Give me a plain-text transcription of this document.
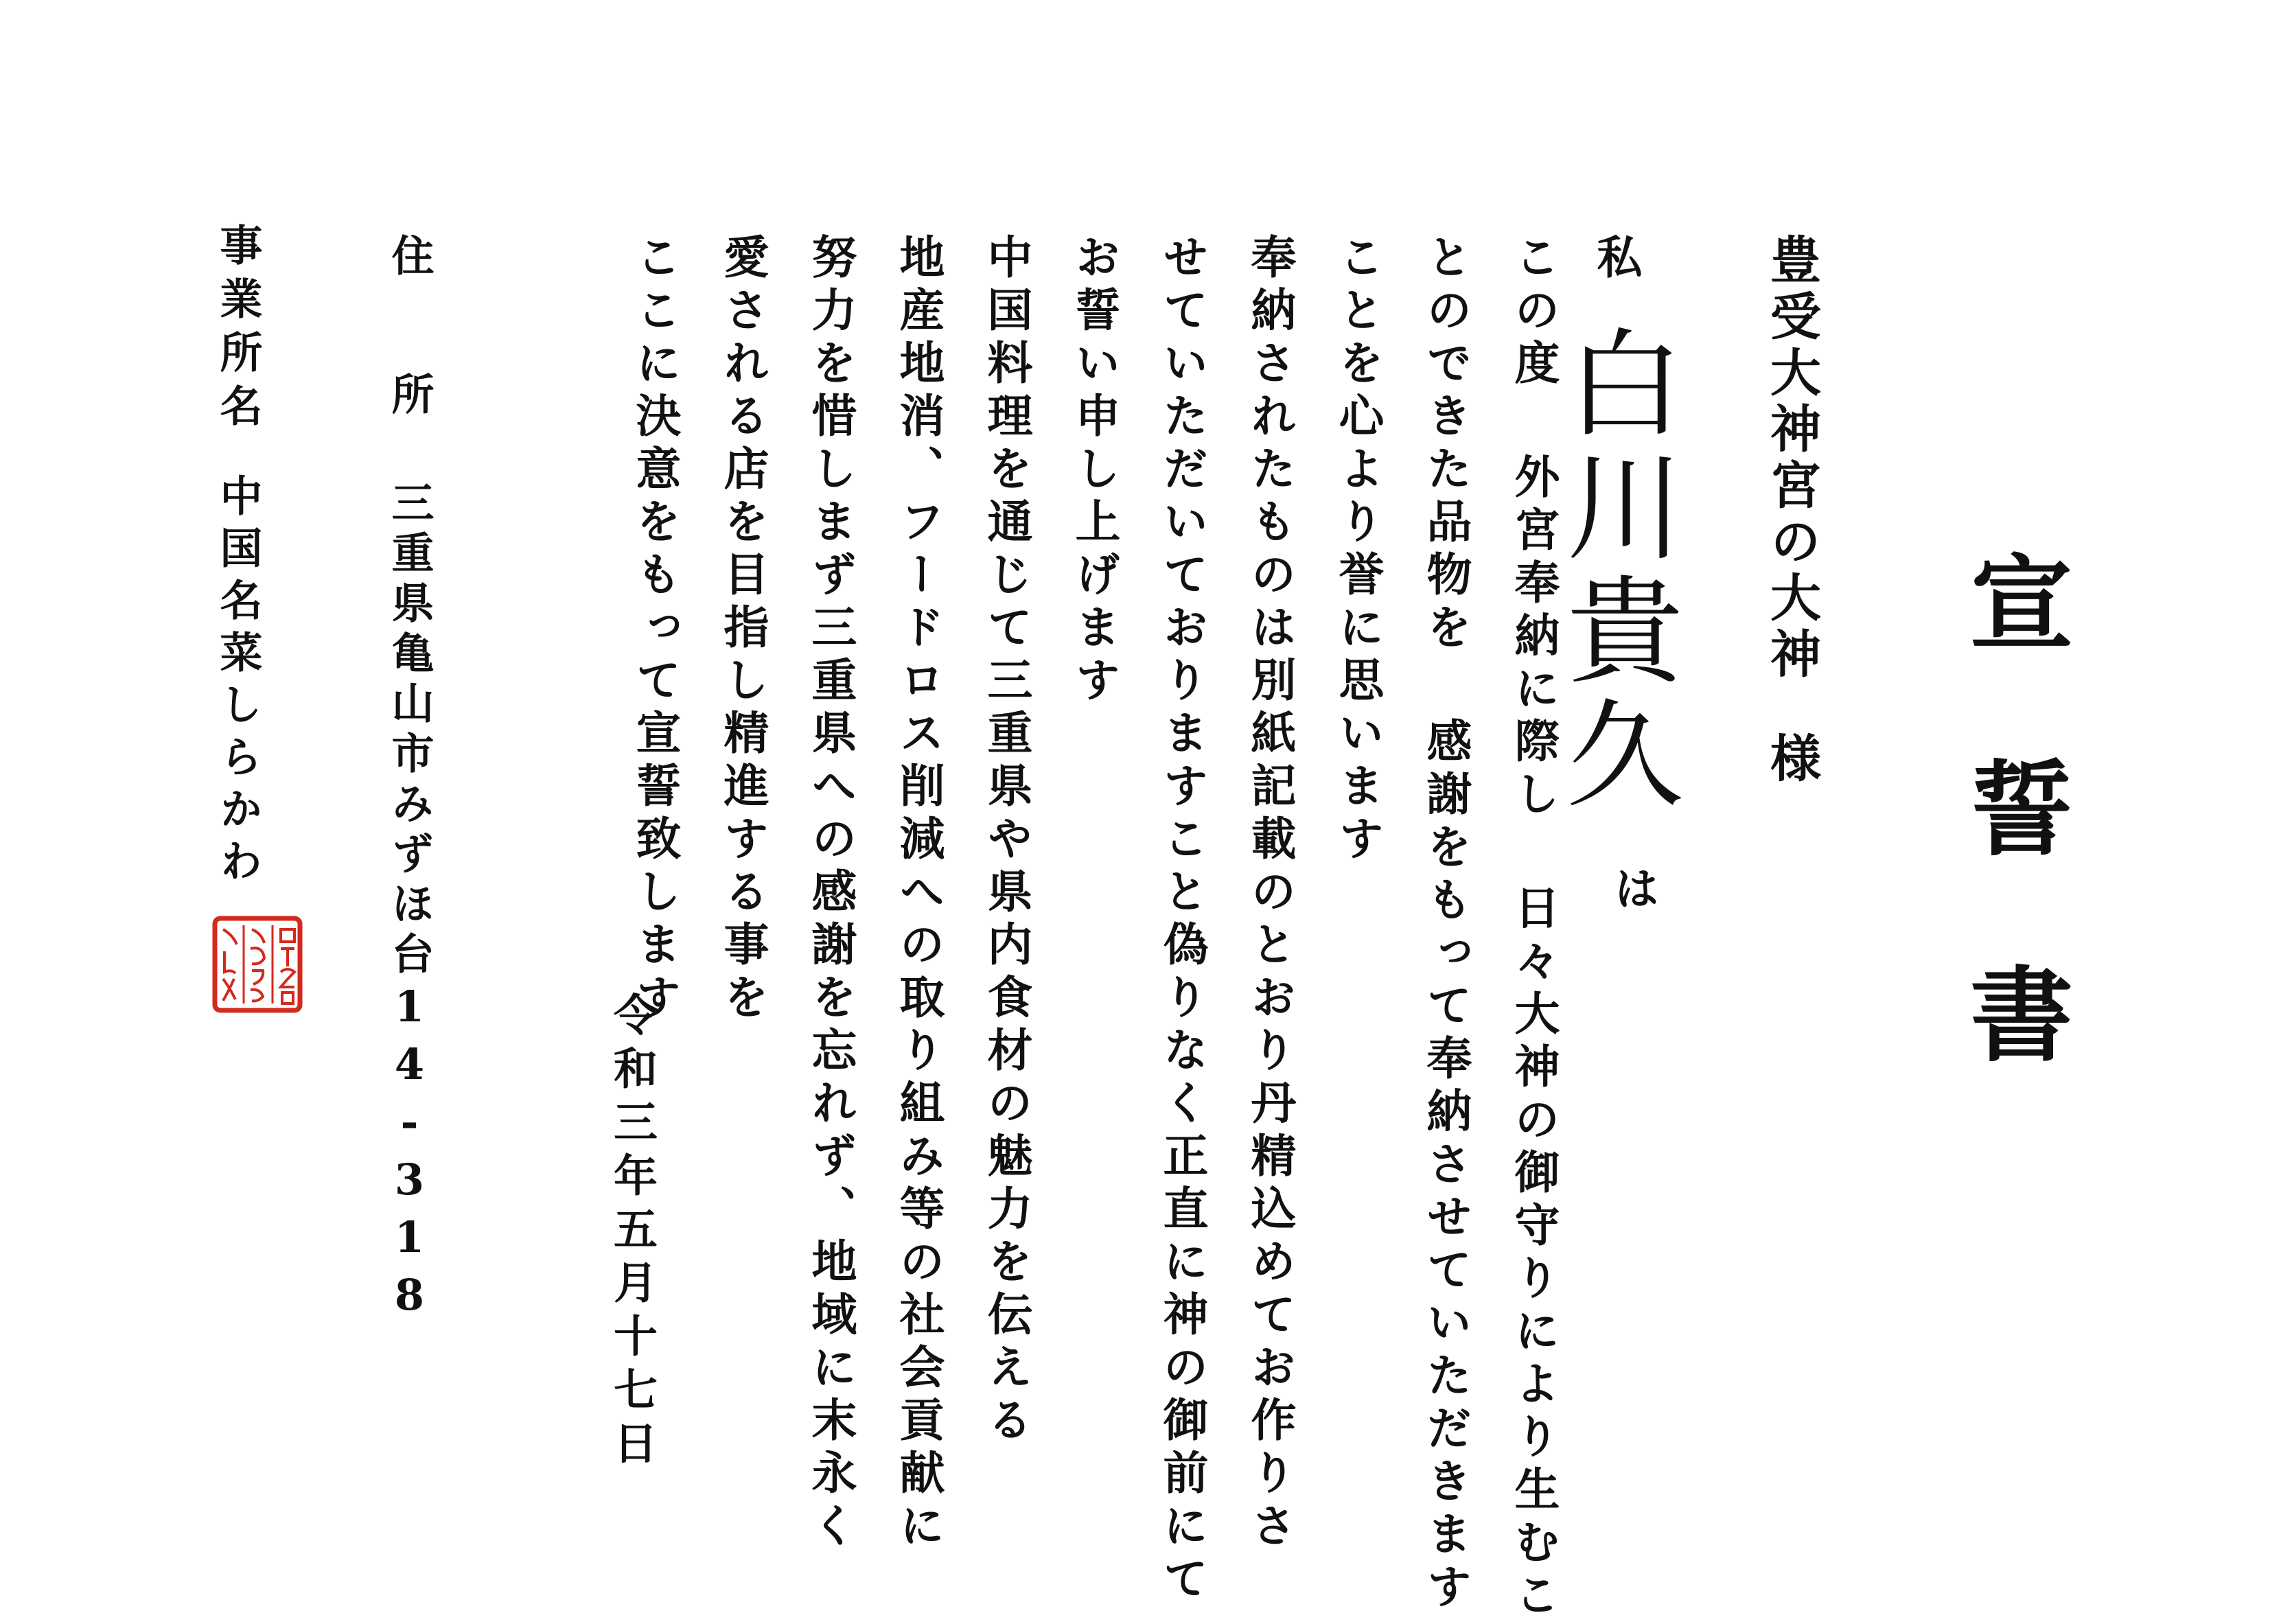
宣誓書
豊受大神宮の大神様
私
白川貴久
は
この度 外宮奉納に際し 日々大神の御守りにより生むこ
とのできた品物を 感謝をもって奉納させていただきます
ことを心より誉に思います
奉納されたものは別紙記載のとおり丹精込めてお作りさ
せていただいておりますこと偽りなく正直に神の御前にて
お誓い申し上げます
中国料理を通じて三重県や県内食材の魅力を伝える
地産地消、フードロス削減への取り組み等の社会貢献に
努力を惜しまず三重県への感謝を忘れず、地域に末永く
愛される店を目指し精進する事を
ここに決意をもって宣誓致します
令和三年五月十七日
住所
三重県亀山市みずほ台14-318
事業所名
中国名菜しらかわ
